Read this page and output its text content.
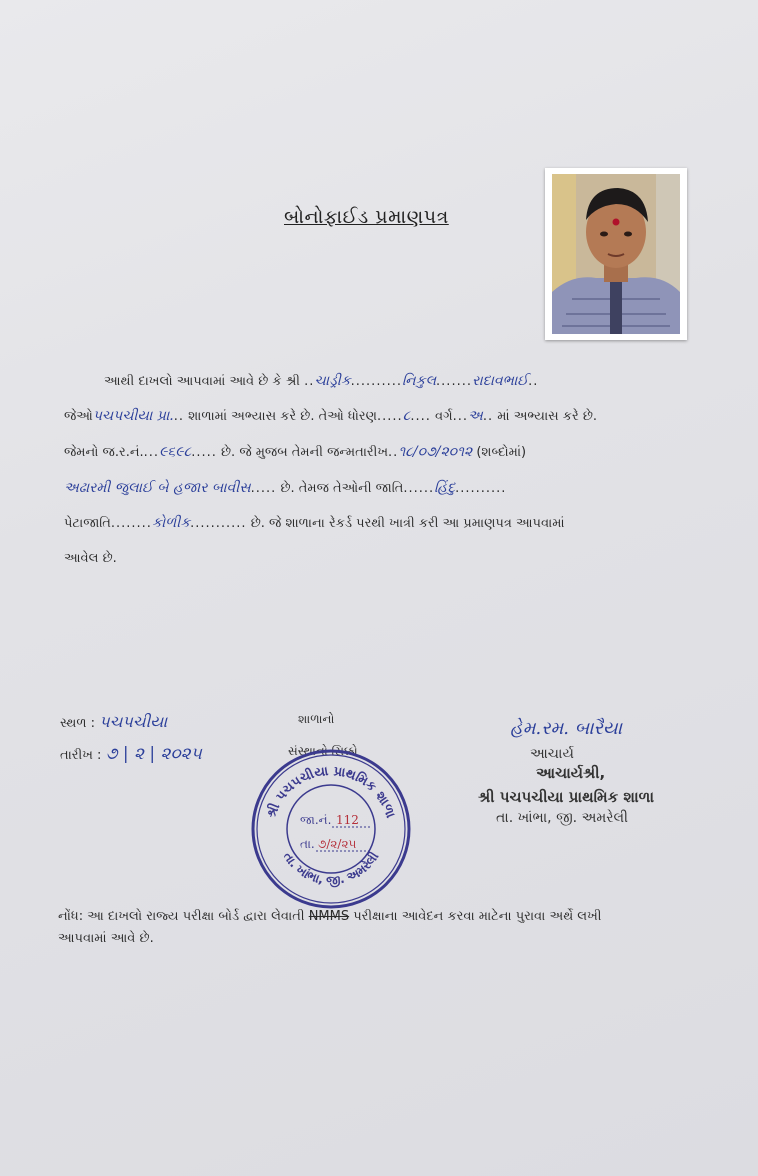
બોનોફાઈડ પ્રમાણપત્ર
આથી દાખલો આપવામાં આવે છે કે શ્રી ..ચાડ્રીક..........નિકુલ.......રાદાવભાઈ..
જેઓપચપચીયા પ્રા... શાળામાં અભ્યાસ કરે છે. તેઓ ધોરણ.....૮.... વર્ગ...અ.. માં અભ્યાસ કરે છે.
જેમનો જ.ર.નં....૯૬૯૮..... છે. જે મુજબ તેમની જન્મતારીખ..૧૮/૦૭/૨૦૧૨ (શબ્દોમાં)
અઢારમી જુલાઈ બે હજાર બાવીસ..... છે. તેમજ તેઓની જાતિ......હિંદુ..........
પેટાજાતિ........કોળીક........... છે. જે શાળાના રેકર્ડ પરથી ખાત્રી કરી આ પ્રમાણપત્ર આપવામાં
આવેલ છે.
સ્થળ : પચપચીયા
તારીખ : ૭ | ૨ | ૨૦૨૫
શાળાનો
સંસ્થાનો સિક્કો
હેમ.રમ. બારૈયા
આચાર્ય
આચાર્યશ્રી,
શ્રી પચપચીયા પ્રાથમિક શાળા
તા. ખાંભા, જી. અમરેલી
શ્રી પચપચીયા પ્રાથમિક શાળા
તા. ખાંભા, જી. અમરેલી
જા.નં. 112
તા. ૭/૨/૨૫
નોંધ: આ દાખલો રાજ્ય પરીક્ષા બોર્ડ દ્વારા લેવાતી NMMS પરીક્ષાના આવેદન કરવા માટેના પુરાવા અર્થે લખી
આપવામાં આવે છે.
